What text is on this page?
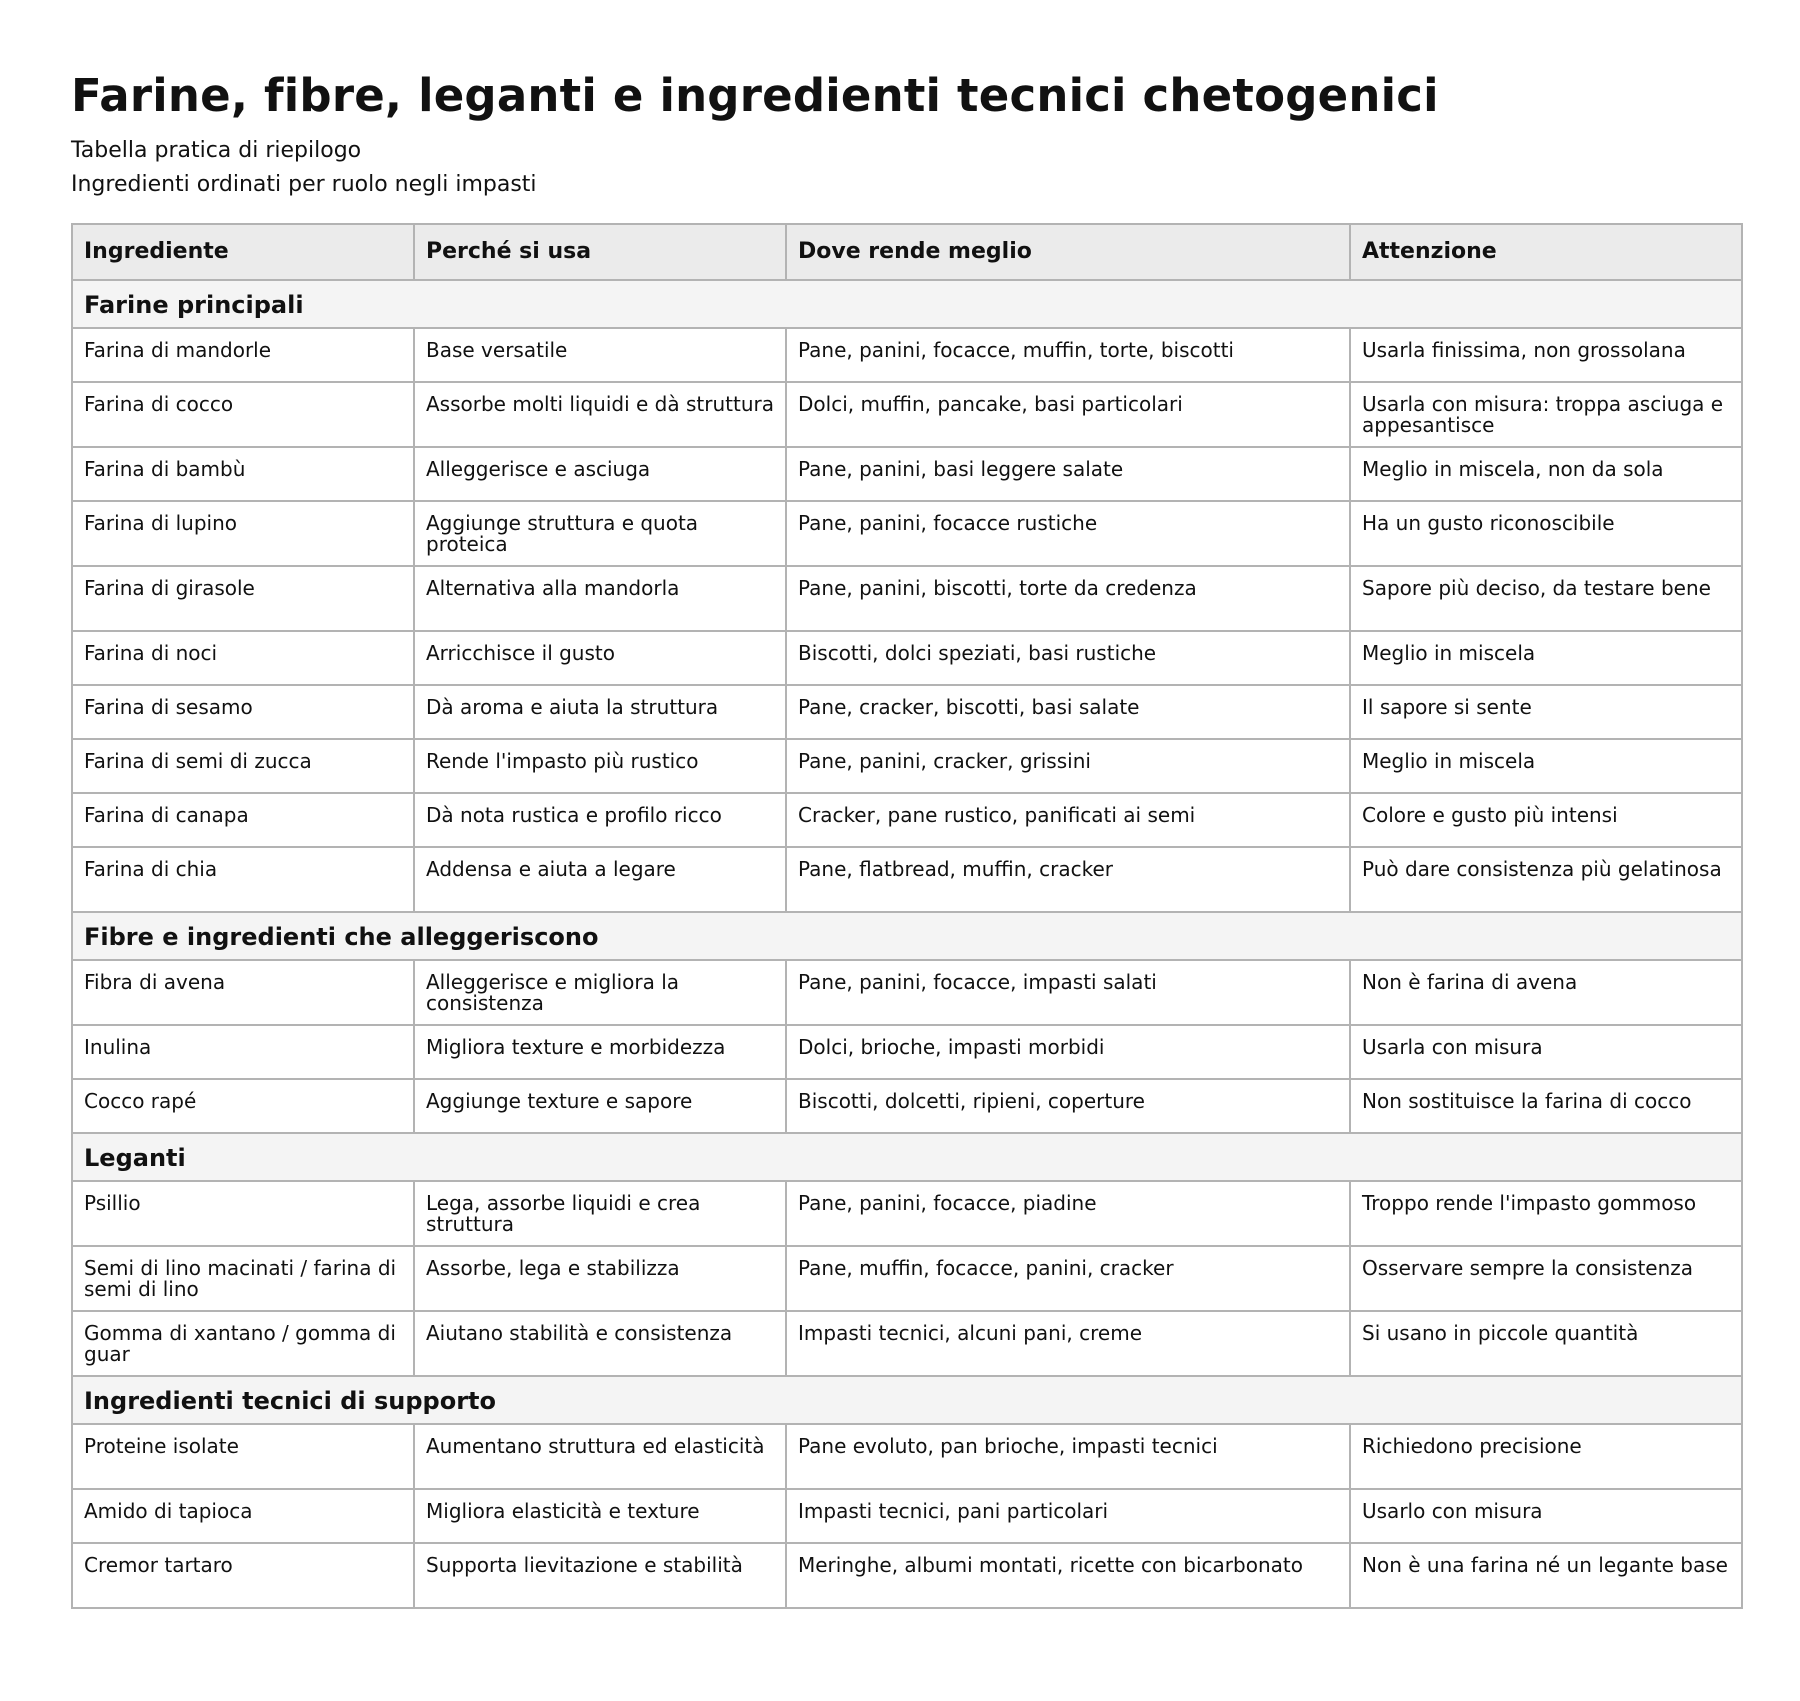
Farine, fibre, leganti e ingredienti tecnici chetogenici
Tabella pratica di riepilogo
Ingredienti ordinati per ruolo negli impasti
Ingrediente	Perché si usa	Dove rende meglio	Attenzione
Farine principali			
Farina di mandorle	Base versatile	Pane, panini, focacce, muffin, torte, biscotti	Usarla finissima, non grossolana
Farina di cocco	Assorbe molti liquidi e dà struttura	Dolci, muffin, pancake, basi particolari	Usarla con misura: troppa asciuga e appesantisce
Farina di bambù	Alleggerisce e asciuga	Pane, panini, basi leggere salate	Meglio in miscela, non da sola
Farina di lupino	Aggiunge struttura e quota proteica	Pane, panini, focacce rustiche	Ha un gusto riconoscibile
Farina di girasole	Alternativa alla mandorla	Pane, panini, biscotti, torte da credenza	Sapore più deciso, da testare bene
Farina di noci	Arricchisce il gusto	Biscotti, dolci speziati, basi rustiche	Meglio in miscela
Farina di sesamo	Dà aroma e aiuta la struttura	Pane, cracker, biscotti, basi salate	Il sapore si sente
Farina di semi di zucca	Rende l'impasto più rustico	Pane, panini, cracker, grissini	Meglio in miscela
Farina di canapa	Dà nota rustica e profilo ricco	Cracker, pane rustico, panificati ai semi	Colore e gusto più intensi
Farina di chia	Addensa e aiuta a legare	Pane, flatbread, muffin, cracker	Può dare consistenza più gelatinosa
Fibre e ingredienti che alleggeriscono			
Fibra di avena	Alleggerisce e migliora la consistenza	Pane, panini, focacce, impasti salati	Non è farina di avena
Inulina	Migliora texture e morbidezza	Dolci, brioche, impasti morbidi	Usarla con misura
Cocco rapé	Aggiunge texture e sapore	Biscotti, dolcetti, ripieni, coperture	Non sostituisce la farina di cocco
Leganti			
Psillio	Lega, assorbe liquidi e crea struttura	Pane, panini, focacce, piadine	Troppo rende l'impasto gommoso
Semi di lino macinati / farina di semi di lino	Assorbe, lega e stabilizza	Pane, muffin, focacce, panini, cracker	Osservare sempre la consistenza
Gomma di xantano / gomma di guar	Aiutano stabilità e consistenza	Impasti tecnici, alcuni pani, creme	Si usano in piccole quantità
Ingredienti tecnici di supporto			
Proteine isolate	Aumentano struttura ed elasticità	Pane evoluto, pan brioche, impasti tecnici	Richiedono precisione
Amido di tapioca	Migliora elasticità e texture	Impasti tecnici, pani particolari	Usarlo con misura
Cremor tartaro	Supporta lievitazione e stabilità	Meringhe, albumi montati, ricette con bicarbonato	Non è una farina né un legante base
